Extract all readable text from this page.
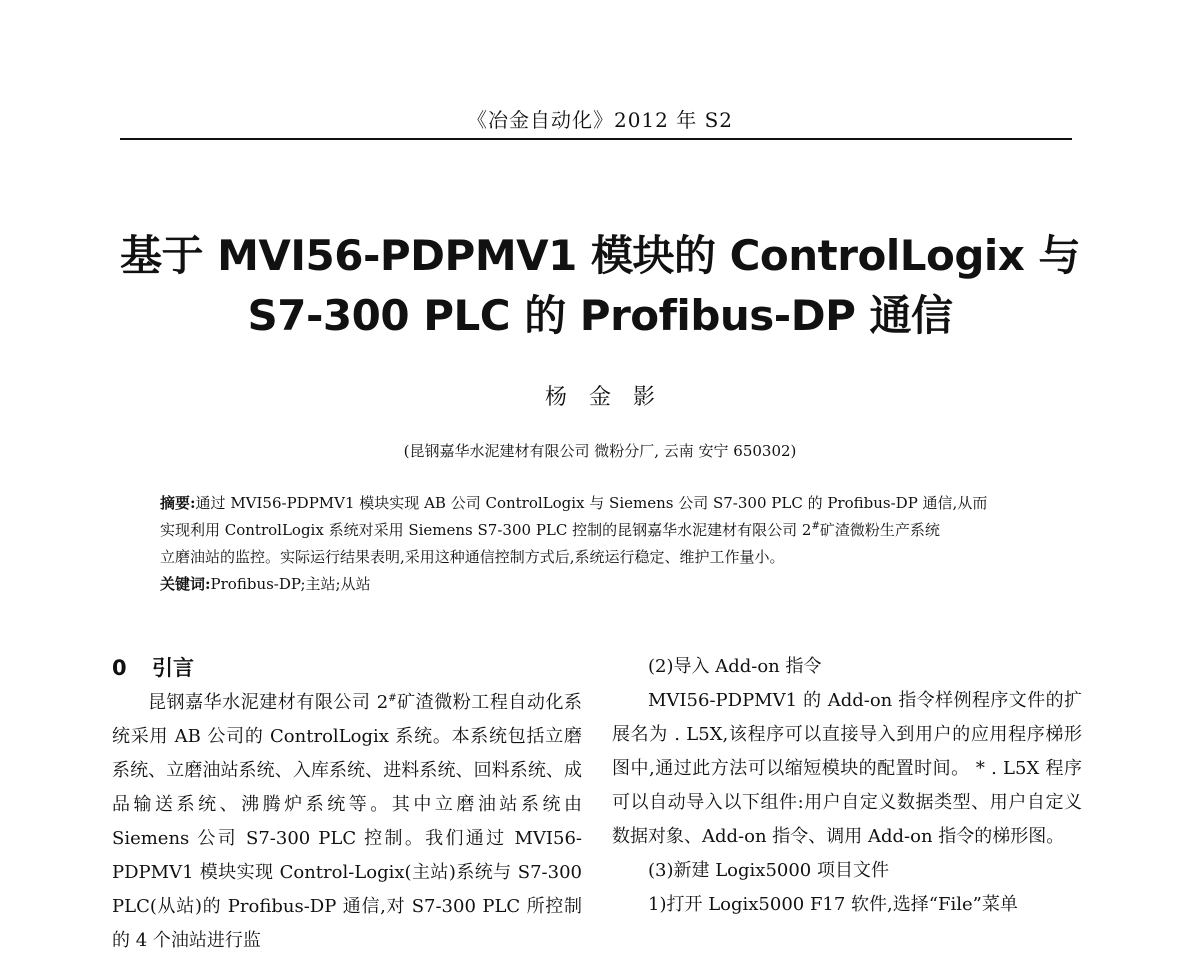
《冶金自动化》2012 年 S2
基于 MVI56-PDPMV1 模块的 ControlLogix 与
S7-300 PLC 的 Profibus-DP 通信
杨金影
(昆钢嘉华水泥建材有限公司 微粉分厂, 云南 安宁 650302)
摘要:通过 MVI56-PDPMV1 模块实现 AB 公司 ControlLogix 与 Siemens 公司 S7-300 PLC 的 Profibus-DP 通信,从而
实现利用 ControlLogix 系统对采用 Siemens S7-300 PLC 控制的昆钢嘉华水泥建材有限公司 2#矿渣微粉生产系统
立磨油站的监控。实际运行结果表明,采用这种通信控制方式后,系统运行稳定、维护工作量小。
关键词:Profibus-DP;主站;从站
0 引言

昆钢嘉华水泥建材有限公司 2#矿渣微粉工程自动化系统采用 AB 公司的 ControlLogix 系统。本系统包括立磨系统、立磨油站系统、入库系统、进料系统、回料系统、成品输送系统、沸腾炉系统等。其中立磨油站系统由 Siemens 公司 S7-300 PLC 控制。我们通过 MVI56-PDPMV1 模块实现 Control-Logix(主站)系统与 S7-300 PLC(从站)的 Profibus-DP 通信,对 S7-300 PLC 所控制的 4 个油站进行监

(2)导入 Add-on 指令

MVI56-PDPMV1 的 Add-on 指令样例程序文件的扩展名为 . L5X,该程序可以直接导入到用户的应用程序梯形图中,通过此方法可以缩短模块的配置时间。 * . L5X 程序可以自动导入以下组件:用户自定义数据类型、用户自定义数据对象、Add-on 指令、调用 Add-on 指令的梯形图。

(3)新建 Logix5000 项目文件

1)打开 Logix5000 F17 软件,选择“File”菜单
